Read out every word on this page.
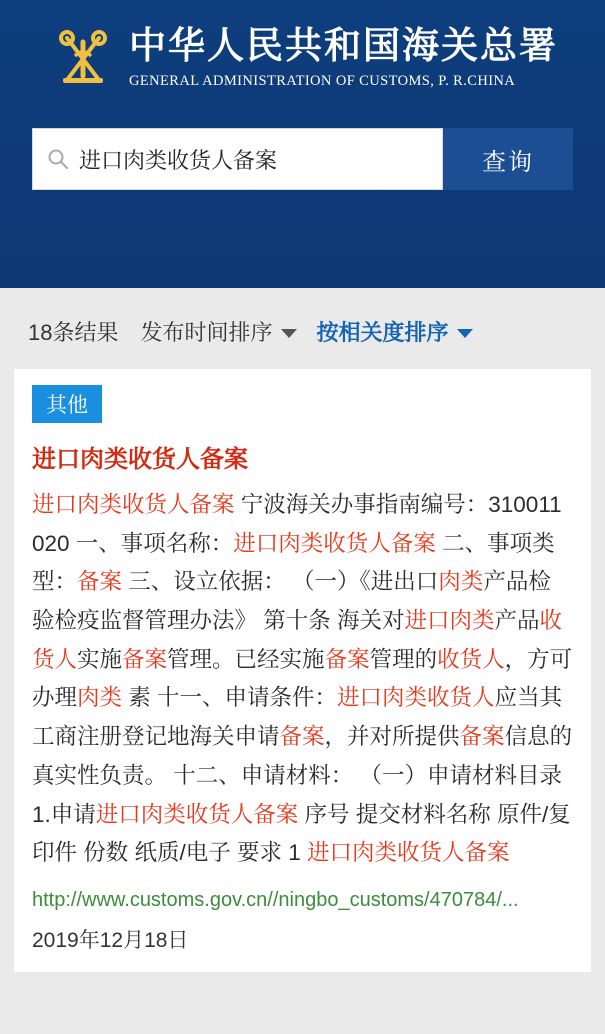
中华人民共和国海关总署
GENERAL ADMINISTRATION OF CUSTOMS, P. R.CHINA
进口肉类收货人备案
查询
18条结果 发布时间排序 按相关度排序
其他
进口肉类收货人备案
进口肉类收货人备案 宁波海关办事指南编号：310011020 一、事项名称：进口肉类收货人备案 二、事项类型：备案 三、设立依据： （一）《进出口肉类产品检验检疫监督管理办法》 第十条 海关对进口肉类产品收货人实施备案管理。已经实施备案管理的收货人，方可办理肉类 素 十一、申请条件：进口肉类收货人应当其工商注册登记地海关申请备案，并对所提供备案信息的真实性负责。 十二、申请材料： （一）申请材料目录 1.申请进口肉类收货人备案 序号 提交材料名称 原件/复印件 份数 纸质/电子 要求 1 进口肉类收货人备案
http://www.customs.gov.cn//ningbo_customs/470784/...
2019年12月18日
